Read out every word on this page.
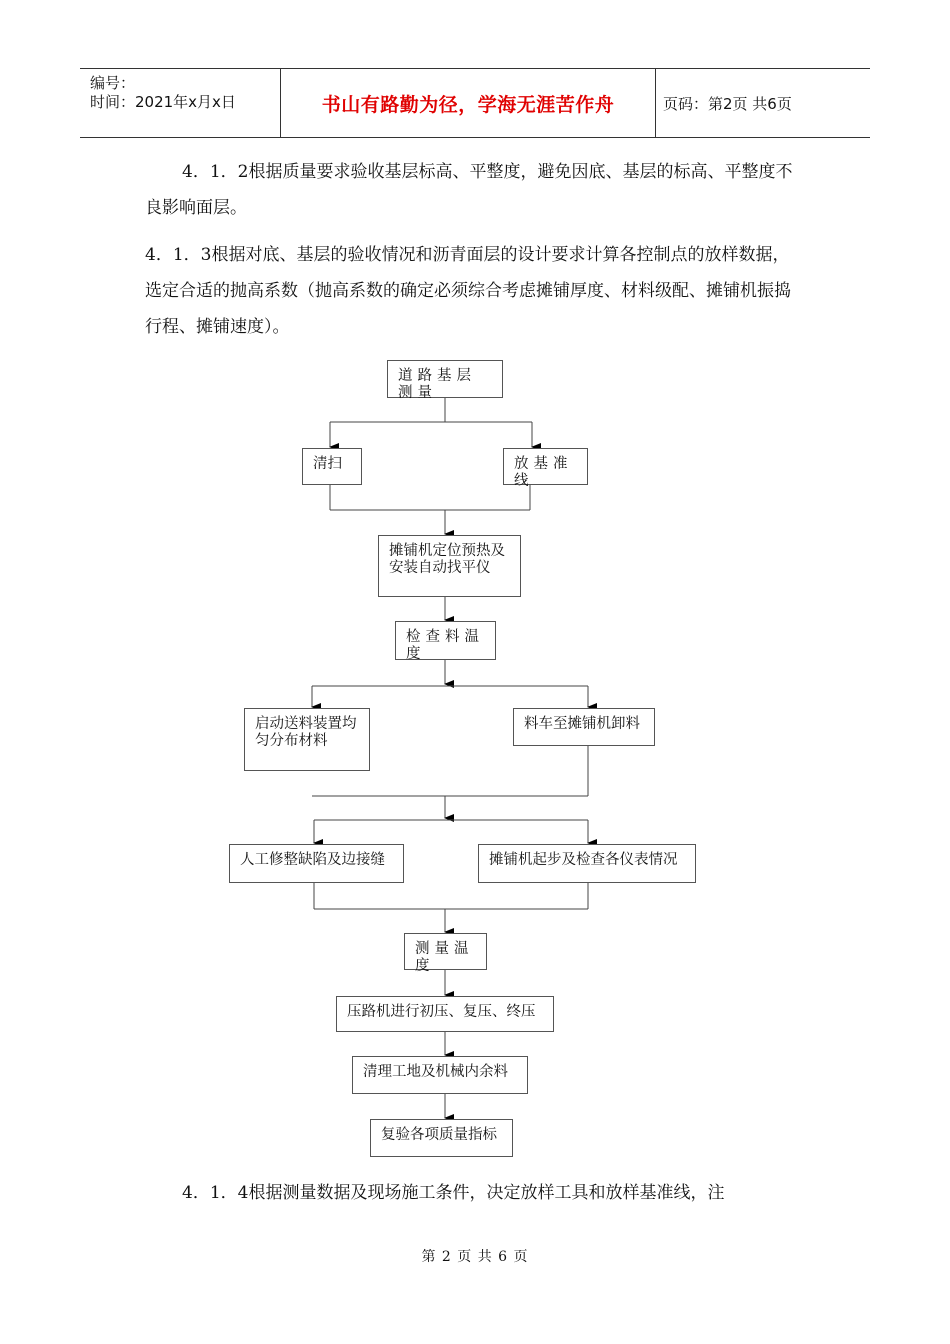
编号：
时间：2021年x月x日	书山有路勤为径，学海无涯苦作舟	页码：第2页 共6页

4．1．2根据质量要求验收基层标高、平整度，避免因底、基层的标高、平整度不良影响面层。

4．1．3根据对底、基层的验收情况和沥青面层的设计要求计算各控制点的放样数据，选定合适的抛高系数（抛高系数的确定必须综合考虑摊铺厚度、材料级配、摊铺机振捣行程、摊铺速度）。

道路基层测量
清扫	放基准线
摊铺机定位预热及安装自动找平仪
检查料温度
启动送料装置均匀分布材料
料车至摊铺机卸料
人工修整缺陷及边接缝	摊铺机起步及检查各仪表情况
测量温度
压路机进行初压、复压、终压
清理工地及机械内余料
复验各项质量指标

4．1．4根据测量数据及现场施工条件，决定放样工具和放样基准线，注

第 2 页 共 6 页
